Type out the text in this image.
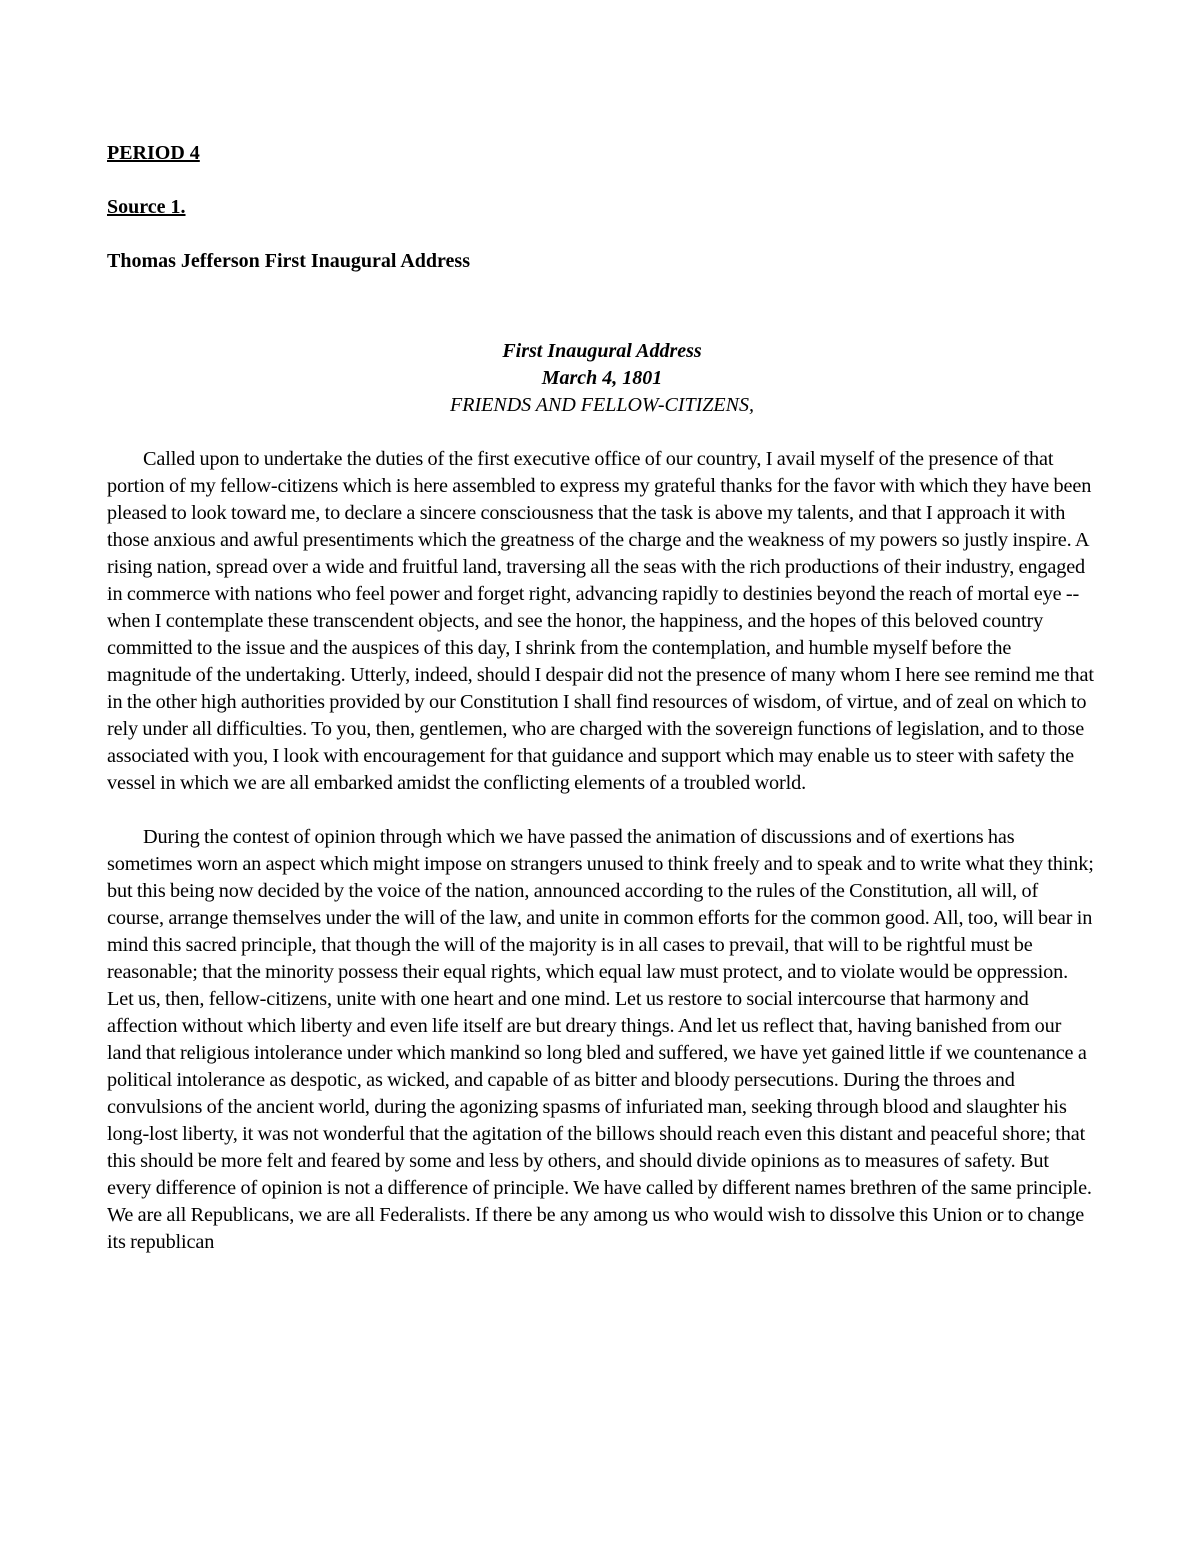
PERIOD 4

Source 1.

Thomas Jefferson First Inaugural Address

First Inaugural Address
March 4, 1801
FRIENDS AND FELLOW-CITIZENS,

Called upon to undertake the duties of the first executive office of our country, I avail myself of the presence of that portion of my fellow-citizens which is here assembled to express my grateful thanks for the favor with which they have been pleased to look toward me, to declare a sincere consciousness that the task is above my talents, and that I approach it with those anxious and awful presentiments which the greatness of the charge and the weakness of my powers so justly inspire. A rising nation, spread over a wide and fruitful land, traversing all the seas with the rich productions of their industry, engaged in commerce with nations who feel power and forget right, advancing rapidly to destinies beyond the reach of mortal eye -- when I contemplate these transcendent objects, and see the honor, the happiness, and the hopes of this beloved country committed to the issue and the auspices of this day, I shrink from the contemplation, and humble myself before the magnitude of the undertaking. Utterly, indeed, should I despair did not the presence of many whom I here see remind me that in the other high authorities provided by our Constitution I shall find resources of wisdom, of virtue, and of zeal on which to rely under all difficulties. To you, then, gentlemen, who are charged with the sovereign functions of legislation, and to those associated with you, I look with encouragement for that guidance and support which may enable us to steer with safety the vessel in which we are all embarked amidst the conflicting elements of a troubled world.

During the contest of opinion through which we have passed the animation of discussions and of exertions has sometimes worn an aspect which might impose on strangers unused to think freely and to speak and to write what they think; but this being now decided by the voice of the nation, announced according to the rules of the Constitution, all will, of course, arrange themselves under the will of the law, and unite in common efforts for the common good. All, too, will bear in mind this sacred principle, that though the will of the majority is in all cases to prevail, that will to be rightful must be reasonable; that the minority possess their equal rights, which equal law must protect, and to violate would be oppression. Let us, then, fellow-citizens, unite with one heart and one mind. Let us restore to social intercourse that harmony and affection without which liberty and even life itself are but dreary things. And let us reflect that, having banished from our land that religious intolerance under which mankind so long bled and suffered, we have yet gained little if we countenance a political intolerance as despotic, as wicked, and capable of as bitter and bloody persecutions. During the throes and convulsions of the ancient world, during the agonizing spasms of infuriated man, seeking through blood and slaughter his long-lost liberty, it was not wonderful that the agitation of the billows should reach even this distant and peaceful shore; that this should be more felt and feared by some and less by others, and should divide opinions as to measures of safety. But every difference of opinion is not a difference of principle. We have called by different names brethren of the same principle. We are all Republicans, we are all Federalists. If there be any among us who would wish to dissolve this Union or to change its republican
